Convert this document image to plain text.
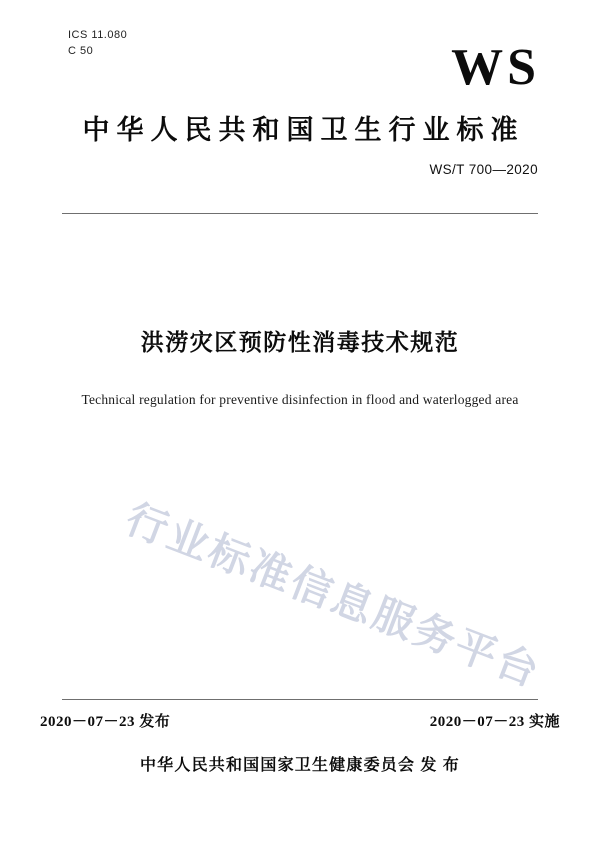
ICS 11.080
C 50	WS
中华人民共和国卫生行业标准
WS/T 700—2020
洪涝灾区预防性消毒技术规范
Technical regulation for preventive disinfection in flood and waterlogged area
行业标准信息服务平台
2020－07－23 发布	2020－07－23 实施
中华人民共和国国家卫生健康委员会 发 布
